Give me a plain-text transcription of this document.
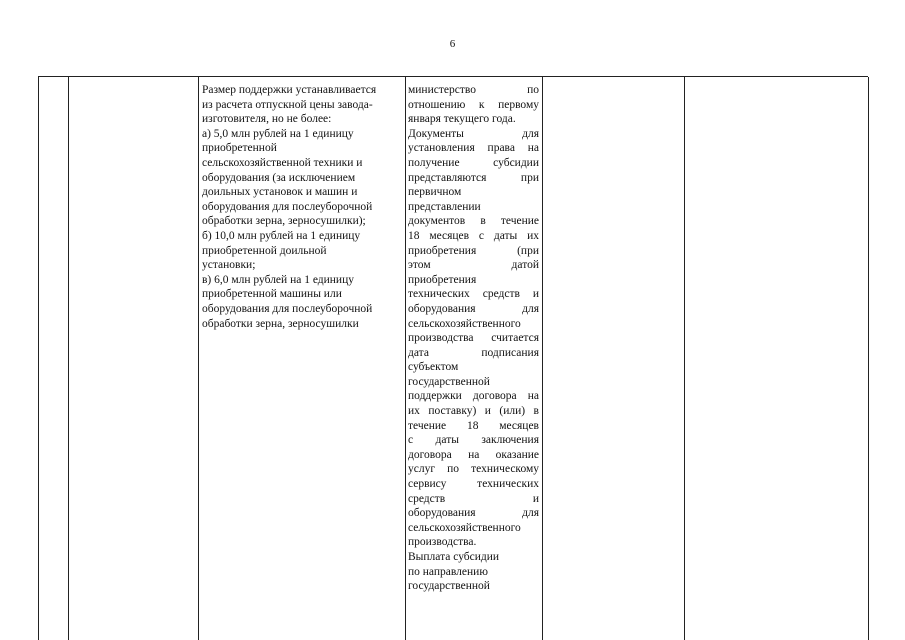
6
Размер поддержки устанавливается
из расчета отпускной цены завода-
изготовителя, но не более:
а) 5,0 млн рублей на 1 единицу
приобретенной
сельскохозяйственной техники и
оборудования (за исключением
доильных установок и машин и
оборудования для послеуборочной
обработки зерна, зерносушилки);
б) 10,0 млн рублей на 1 единицу
приобретенной доильной
установки;
в) 6,0 млн рублей на 1 единицу
приобретенной машины или
оборудования для послеуборочной
обработки зерна, зерносушилки
министерство по
отношению к первому
января текущего года.
Документы для
установления права на
получение субсидии
представляются при
первичном
представлении
документов в течение
18 месяцев с даты их
приобретения (при
этом датой
приобретения
технических средств и
оборудования для
сельскохозяйственного
производства считается
дата подписания
субъектом
государственной
поддержки договора на
их поставку) и (или) в
течение 18 месяцев
с даты заключения
договора на оказание
услуг по техническому
сервису технических
средств и
оборудования для
сельскохозяйственного
производства.
Выплата субсидии
по направлению
государственной
